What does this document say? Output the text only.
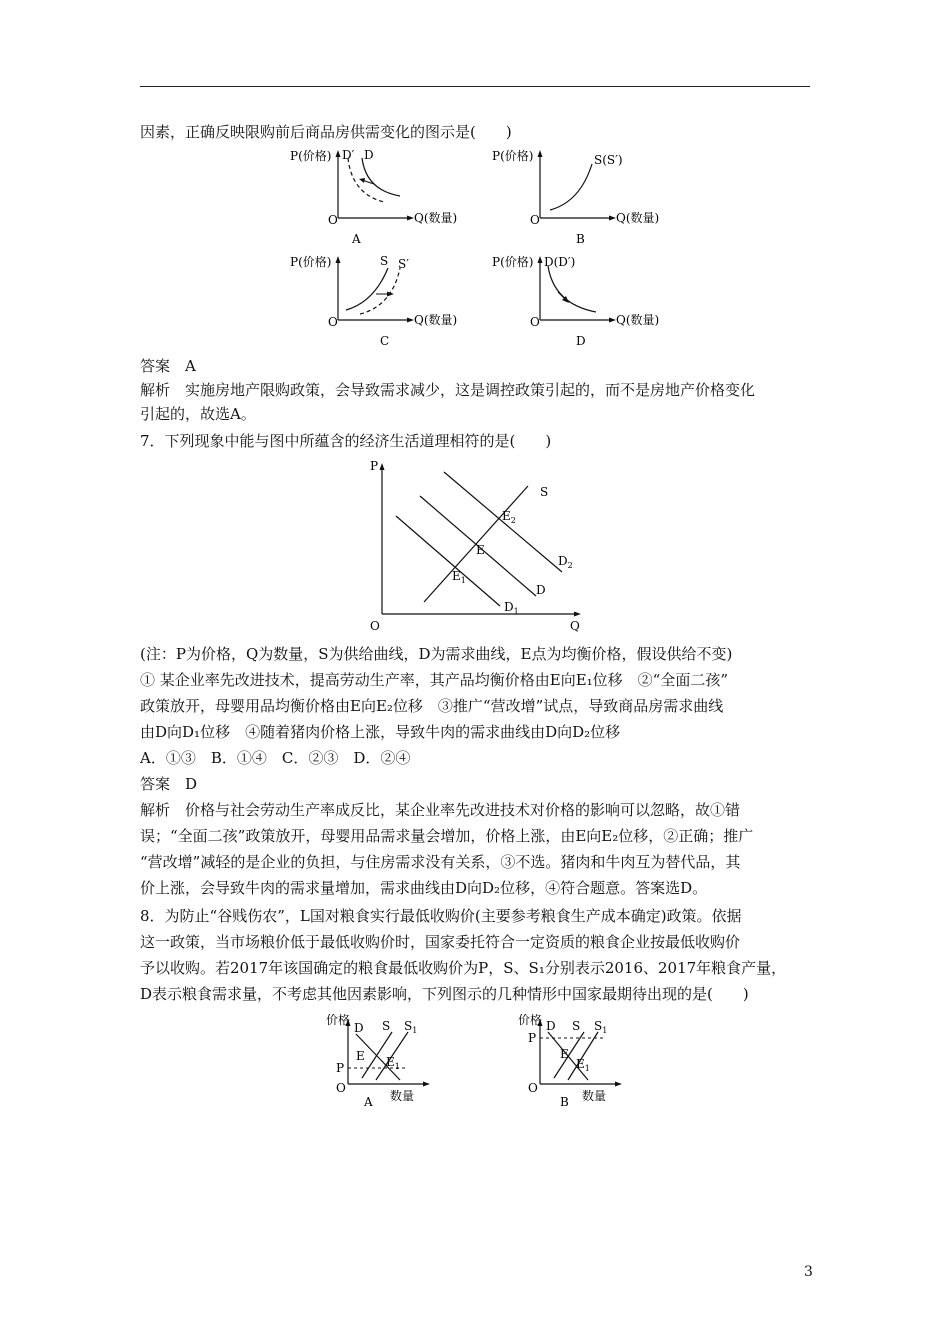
因素，正确反映限购前后商品房供需变化的图示是(　　)
P(价格)
Q(数量)
O
D′ D
A
P(价格)
Q(数量)
O
S(S′)
B
P(价格)
Q(数量)
O
S S′
C
P(价格)
Q(数量)
O
D(D′)
D
答案　A
解析　实施房地产限购政策，会导致需求减少，这是调控政策引起的，而不是房地产价格变化
引起的，故选A。
7．下列现象中能与图中所蕴含的经济生活道理相符的是(　　)
P
Q
O
S
$E_2$
E
$E_1$
$D_2$
D
$D_1$
(注：P为价格，Q为数量，S为供给曲线，D为需求曲线，E点为均衡价格，假设供给不变)
① 某企业率先改进技术，提高劳动生产率，其产品均衡价格由E向E₁位移　②“全面二孩”
政策放开，母婴用品均衡价格由E向E₂位移　③推广“营改增”试点，导致商品房需求曲线
由D向D₁位移　④随着猪肉价格上涨，导致牛肉的需求曲线由D向D₂位移
A．①③　B．①④　C．②③　D．②④
答案　D
解析　价格与社会劳动生产率成反比，某企业率先改进技术对价格的影响可以忽略，故①错
误；“全面二孩”政策放开，母婴用品需求量会增加，价格上涨，由E向E₂位移，②正确；推广
“营改增”减轻的是企业的负担，与住房需求没有关系，③不选。猪肉和牛肉互为替代品，其
价上涨，会导致牛肉的需求量增加，需求曲线由D向D₂位移，④符合题意。答案选D。
8．为防止“谷贱伤农”，L国对粮食实行最低收购价(主要参考粮食生产成本确定)政策。依据
这一政策，当市场粮价低于最低收购价时，国家委托符合一定资质的粮食企业按最低收购价
予以收购。若2017年该国确定的粮食最低收购价为P，S、S₁分别表示2016、2017年粮食产量，
D表示粮食需求量，不考虑其他因素影响，下列图示的几种情形中国家最期待出现的是(　　)
价格
数量
O
P
D S $S_1$
E $E_1$
A
价格
数量
O
P
D S $S_1$
E
$E_1$
B
3
